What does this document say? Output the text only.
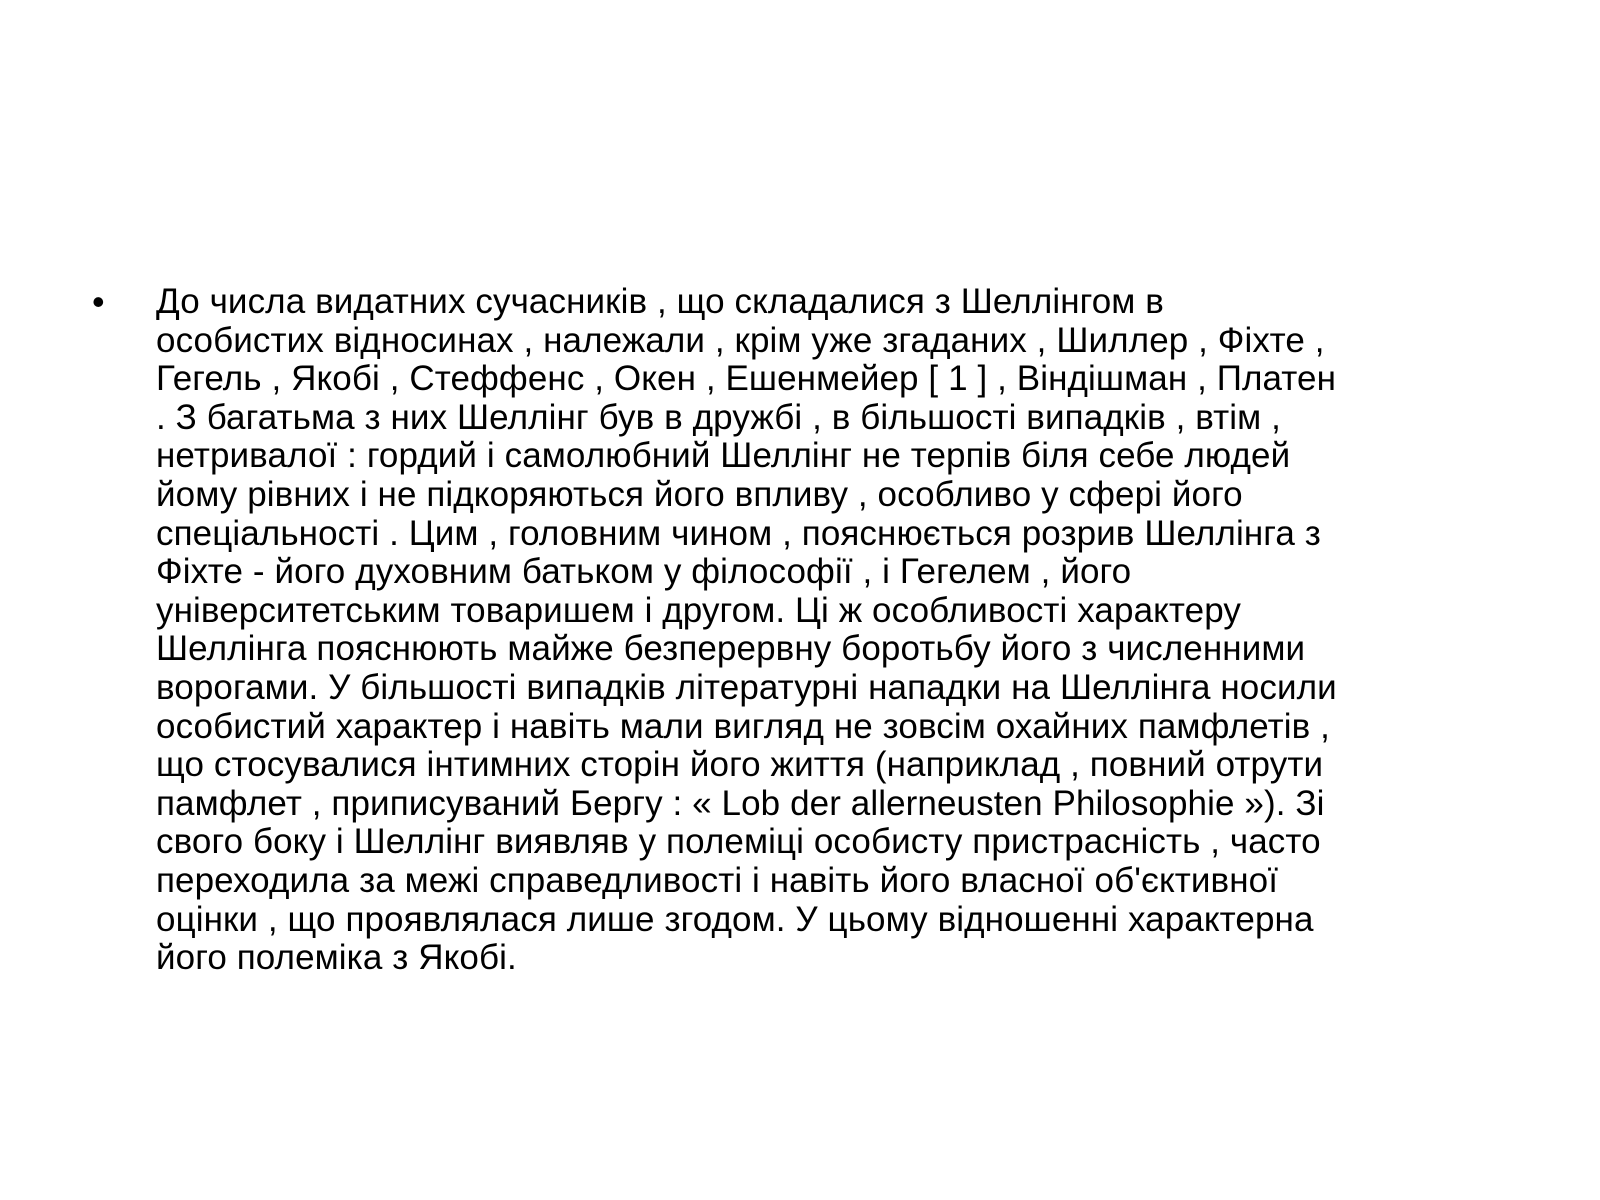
• До числа видатних сучасників , що складалися з Шеллінгом в
особистих відносинах , належали , крім уже згаданих , Шиллер , Фіхте ,
Гегель , Якобі , Стеффенс , Окен , Ешенмейер [ 1 ] , Віндішман , Платен
. З багатьма з них Шеллінг був в дружбі , в більшості випадків , втім ,
нетривалої : гордий і самолюбний Шеллінг не терпів біля себе людей
йому рівних і не підкоряються його впливу , особливо у сфері його
спеціальності . Цим , головним чином , пояснюється розрив Шеллінга з
Фіхте - його духовним батьком у філософії , і Гегелем , його
університетським товаришем і другом. Ці ж особливості характеру
Шеллінга пояснюють майже безперервну боротьбу його з численними
ворогами. У більшості випадків літературні нападки на Шеллінга носили
особистий характер і навіть мали вигляд не зовсім охайних памфлетів ,
що стосувалися інтимних сторін його життя (наприклад , повний отрути
памфлет , приписуваний Бергу : « Lob der allerneusten Philosophie »). Зі
свого боку і Шеллінг виявляв у полеміці особисту пристрасність , часто
переходила за межі справедливості і навіть його власної об'єктивної
оцінки , що проявлялася лише згодом. У цьому відношенні характерна
його полеміка з Якобі.
